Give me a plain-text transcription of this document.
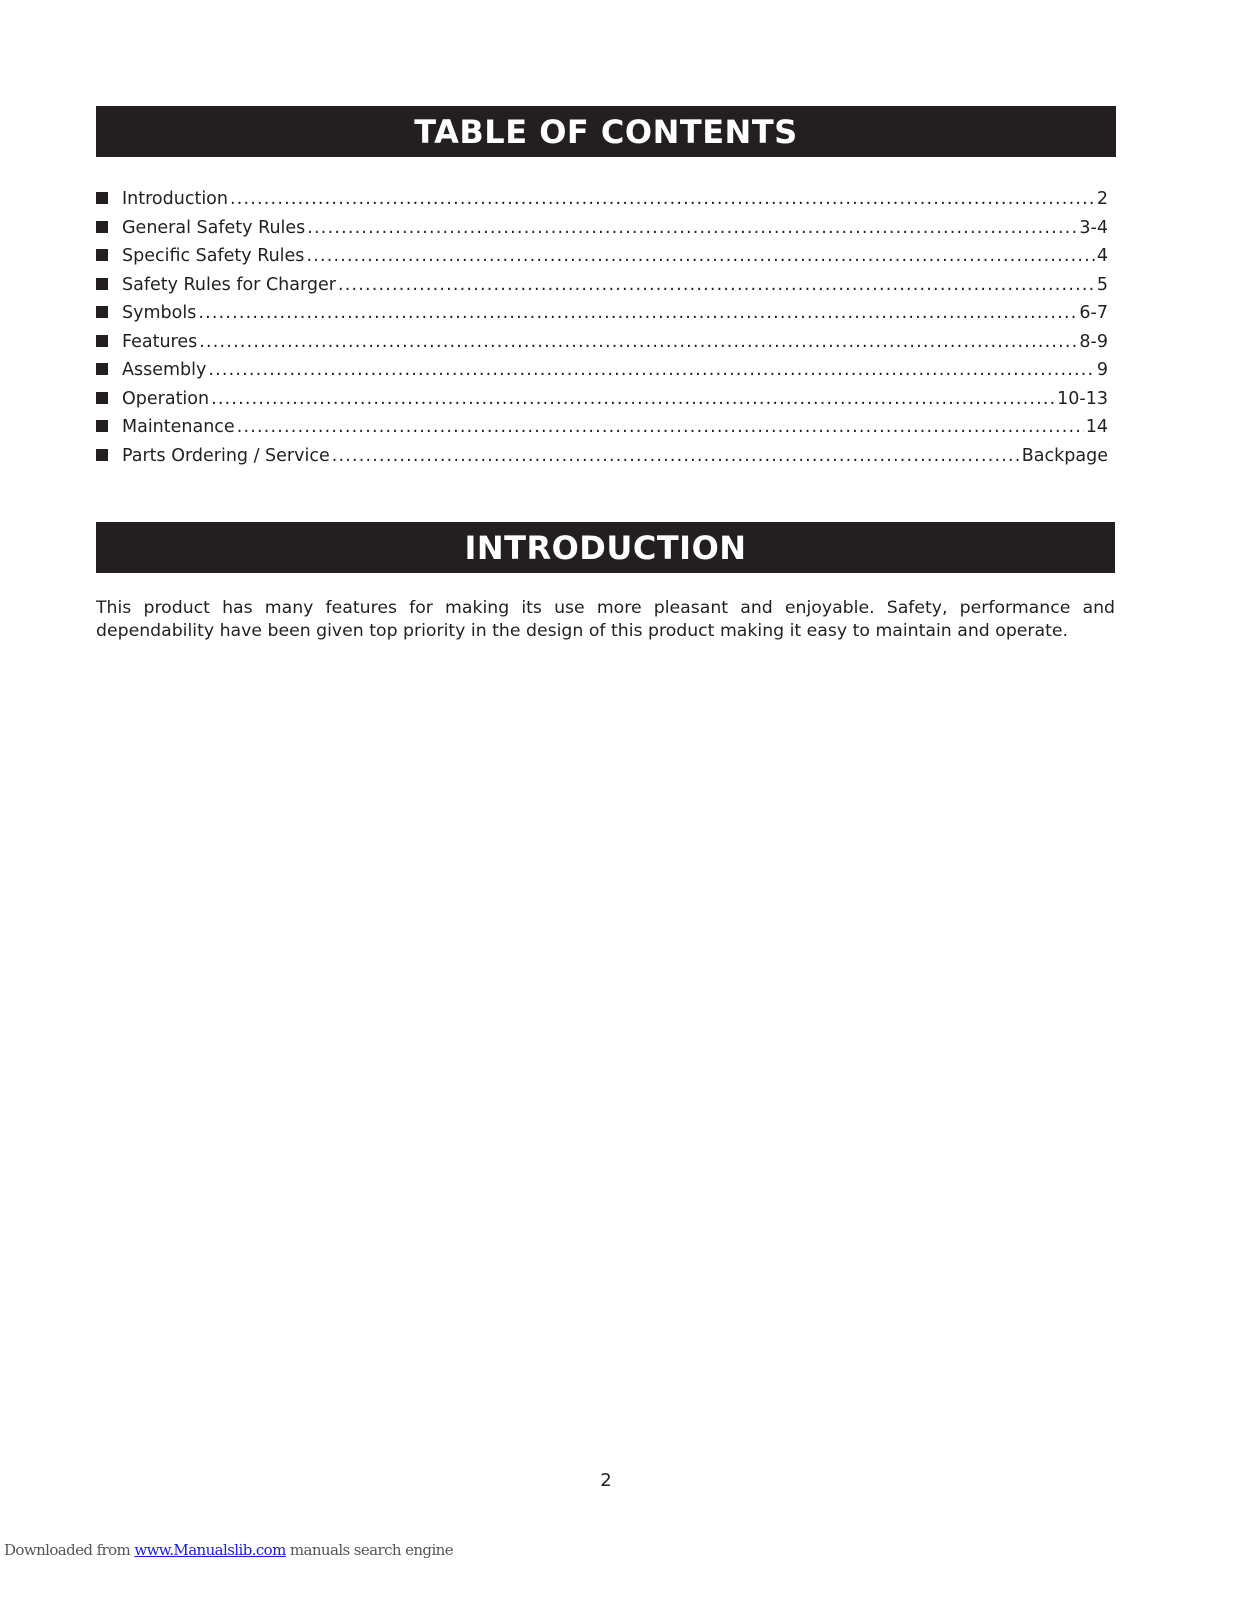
TABLE OF CONTENTS
Introduction .....	2
General Safety Rules .....	3-4
Specific Safety Rules .....	4
Safety Rules for Charger .....	5
Symbols .....	6-7
Features .....	8-9
Assembly .....	9
Operation .....	10-13
Maintenance .....	14
Parts Ordering / Service .....	Backpage
INTRODUCTION

This product has many features for making its use more pleasant and enjoyable. Safety, performance and dependability have been given top priority in the design of this product making it easy to maintain and operate.

2
Downloaded from www.Manualslib.com manuals search engine
